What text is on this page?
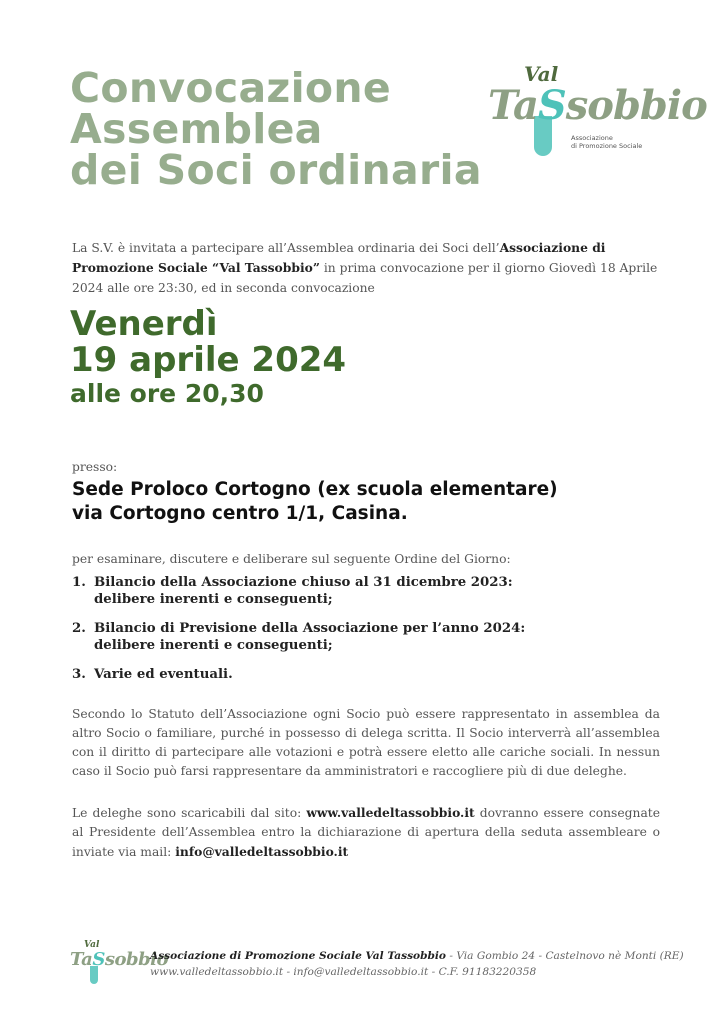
Convocazione
Assemblea
dei Soci ordinaria
Val
TaSsobbio
Associazione
di Promozione Sociale
La S.V. è invitata a partecipare all’Assemblea ordinaria dei Soci dell’Associazione di Promozione Sociale “Val Tassobbio” in prima convocazione per il giorno Giovedì 18 Aprile 2024 alle ore 23:30, ed in seconda convocazione
Venerdì
19 aprile 2024
alle ore 20,30
presso:
Sede Proloco Cortogno (ex scuola elementare)
via Cortogno centro 1/1, Casina.
per esaminare, discutere e deliberare sul seguente Ordine del Giorno:
1. Bilancio della Associazione chiuso al 31 dicembre 2023:
delibere inerenti e conseguenti;
2. Bilancio di Previsione della Associazione per l’anno 2024:
delibere inerenti e conseguenti;
3. Varie ed eventuali.
Secondo lo Statuto dell’Associazione ogni Socio può essere rappresentato in assemblea da altro Socio o familiare, purché in possesso di delega scritta. Il Socio interverrà all’assemblea con il diritto di partecipare alle votazioni e potrà essere eletto alle cariche sociali. In nessun caso il Socio può farsi rappresentare da amministratori e raccogliere più di due deleghe.
Le deleghe sono scaricabili dal sito: www.valledeltassobbio.it dovranno essere consegnate al Presidente dell’Assemblea entro la dichiarazione di apertura della seduta assembleare o inviate via mail: info@valledeltassobbio.it
Val
TaSsobbio
Associazione di Promozione Sociale Val Tassobbio - Via Gombio 24 - Castelnovo nè Monti (RE)
www.valledeltassobbio.it - info@valledeltassobbio.it - C.F. 91183220358
